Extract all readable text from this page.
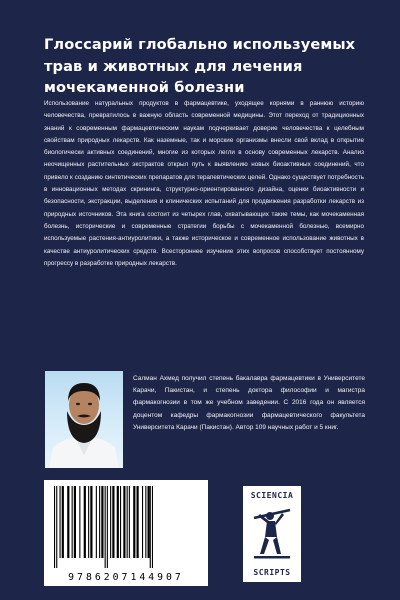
Глоссарий глобально используемых трав и животных для лечения мочекаменной болезни

Использование натуральных продуктов в фармацевтике, уходящее корнями в раннюю историю человечества, превратилось в важную область современной медицины. Этот переход от традиционных знаний к современным фармацевтическим наукам подчеркивает доверие человечества к целебным свойствам природных лекарств. Как наземные, так и морские организмы внесли свой вклад в открытие биологически активных соединений, многие из которых легли в основу современных лекарств. Анализ неочищенных растительных экстрактов открыл путь к выявлению новых биоактивных соединений, что привело к созданию синтетических препаратов для терапевтических целей. Однако существует потребность в инновационных методах скрининга, структурно-ориентированного дизайна, оценки биоактивности и безопасности, экстракции, выделения и клинических испытаний для продвижения разработки лекарств из природных источников. Эта книга состоит из четырех глав, охватывающих такие темы, как мочекаменная болезнь, исторические и современные стратегии борьбы с мочекаменной болезнью, всемирно используемые растения-антиуролитики, а также историческое и современное использование животных в качестве антиуролитических средств. Всестороннее изучение этих вопросов способствует постоянному прогрессу в разработке природных лекарств.

Салман Ахмед получил степень бакалавра фармацевтики в Университете Карачи, Пакистан, и степень доктора философии и магистра фармакогнозии в том же учебном заведении. С 2016 года он является доцентом кафедры фармакогнозии фармацевтического факультета Университета Карачи (Пакистан). Автор 109 научных работ и 5 книг.

9786207144907
SCIENCIA
SCRIPTS
